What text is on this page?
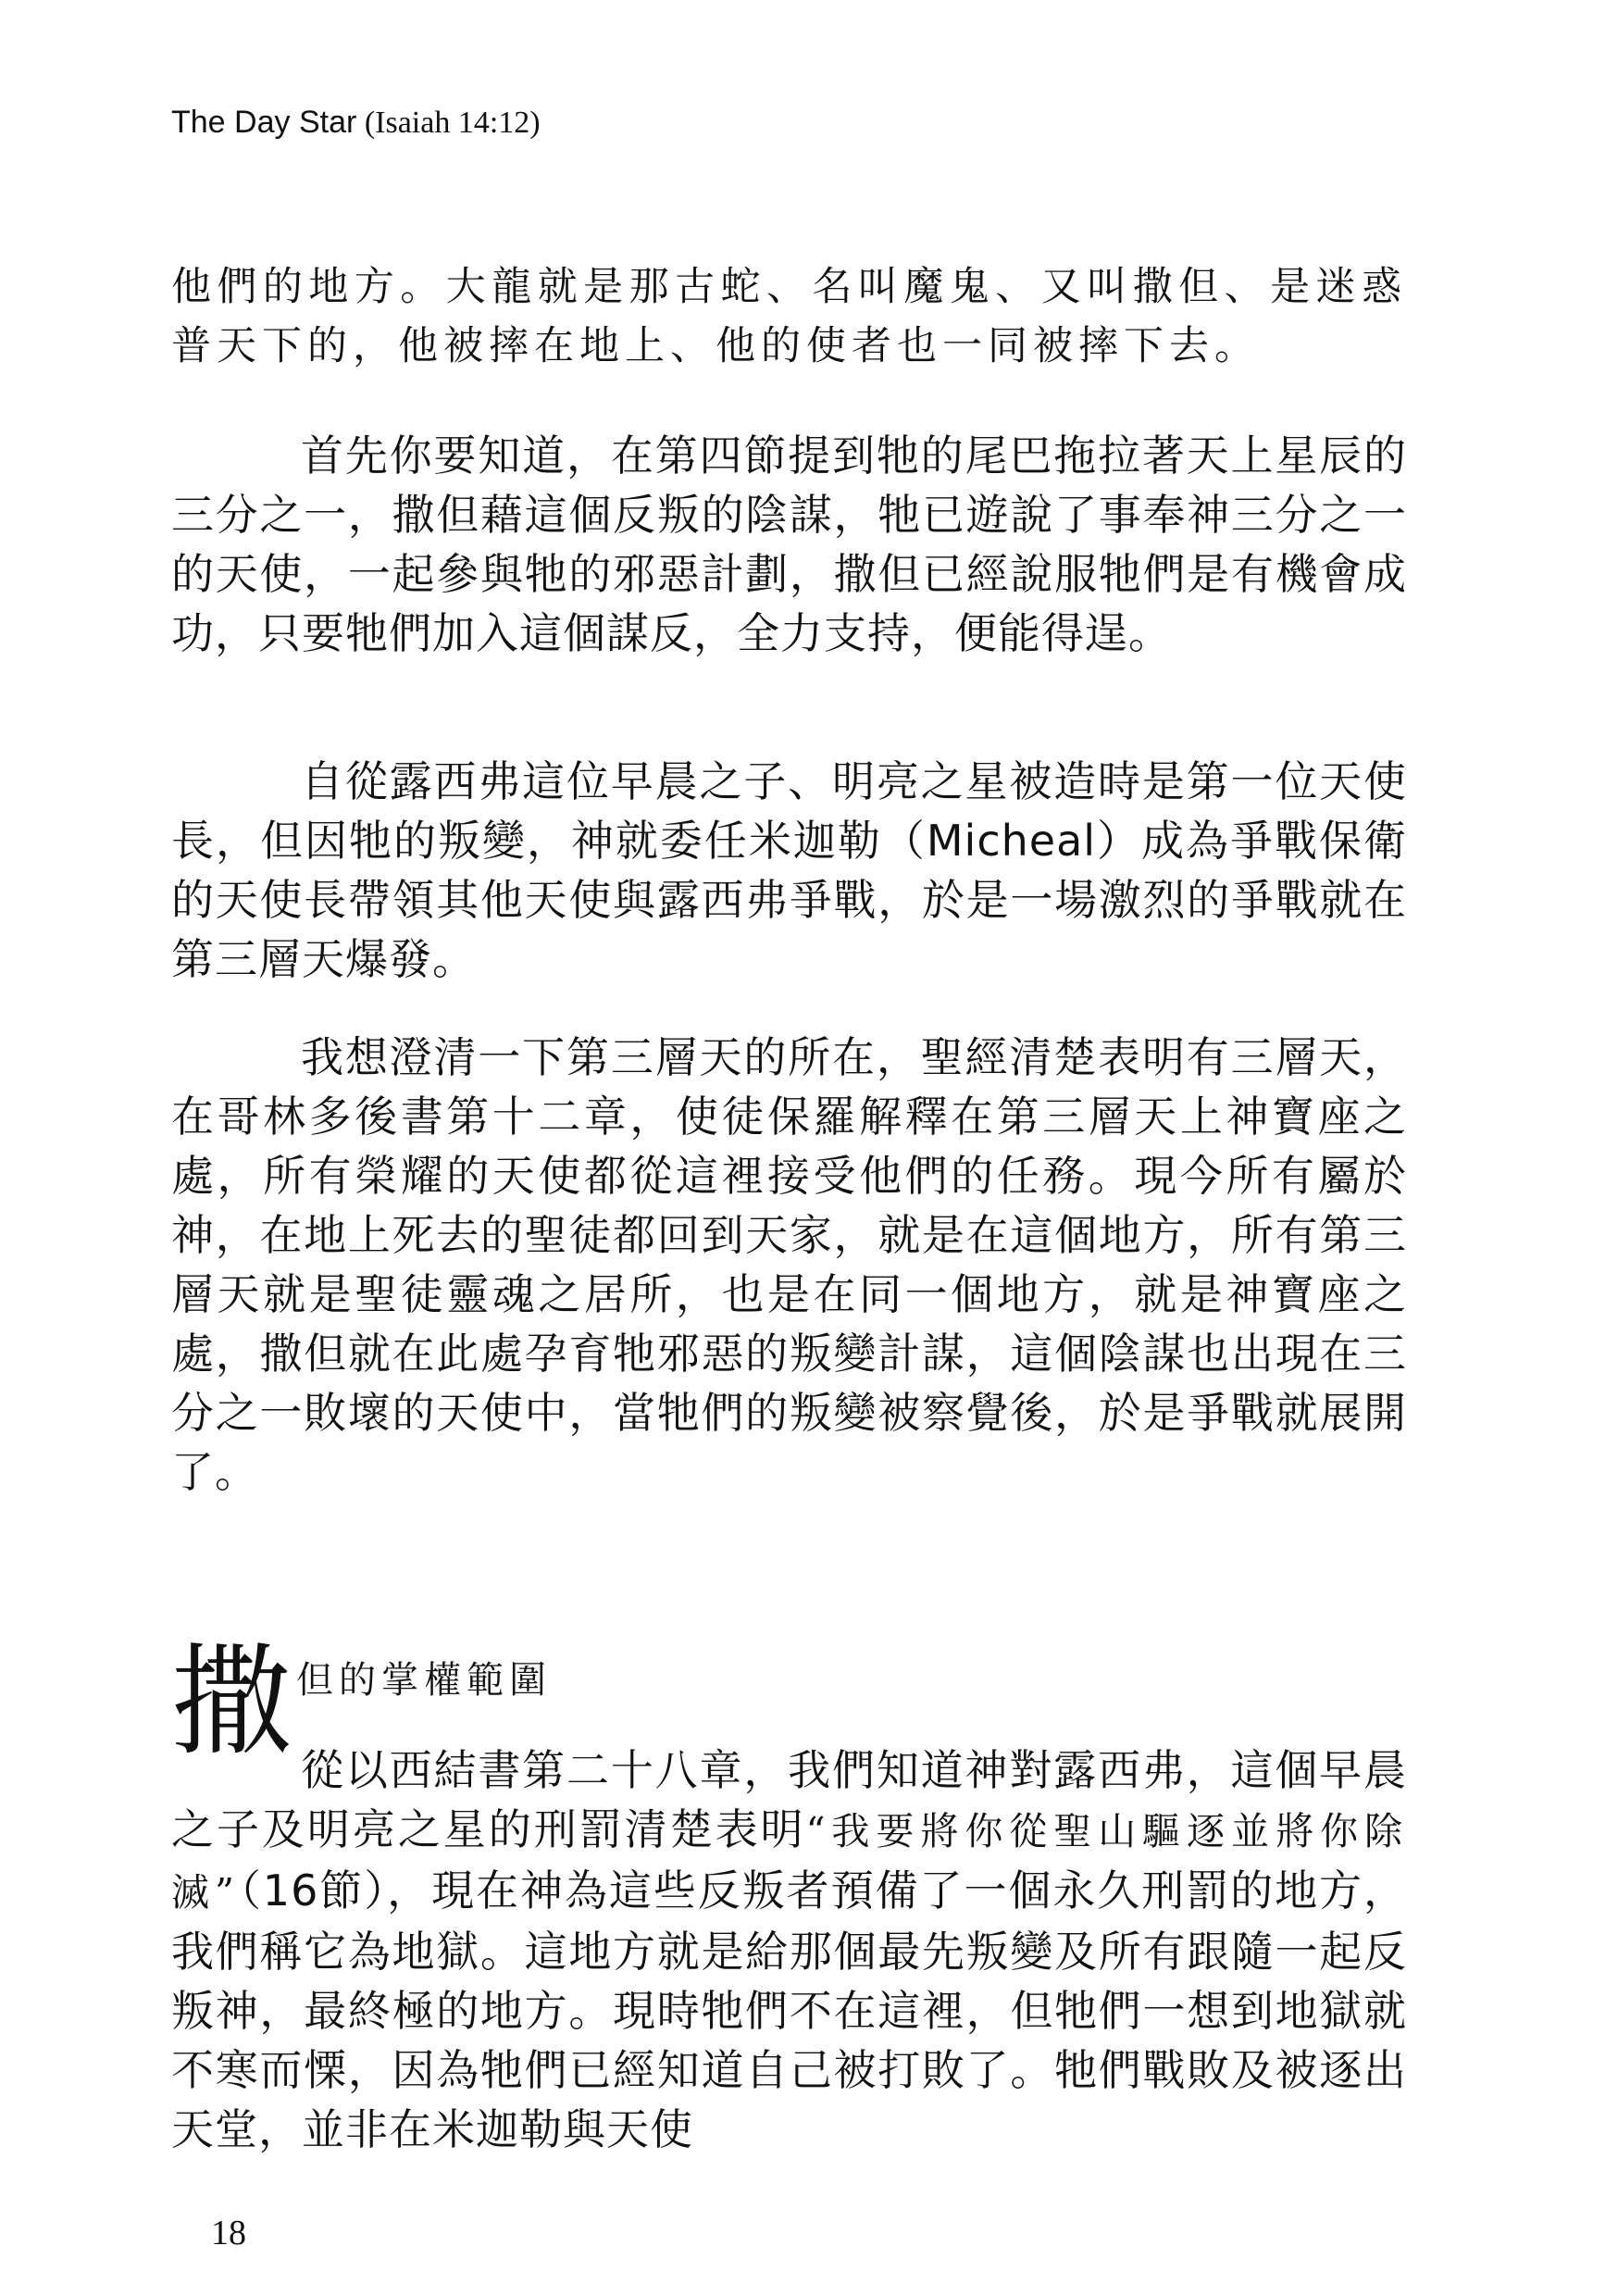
The Day Star (Isaiah 14:12)

他們的地方。大龍就是那古蛇、名叫魔鬼、又叫撒但、是迷惑普天下的，他被摔在地上、他的使者也一同被摔下去。

首先你要知道，在第四節提到牠的尾巴拖拉著天上星辰的三分之一，撒但藉這個反叛的陰謀，牠已遊說了事奉神三分之一的天使，一起參與牠的邪惡計劃，撒但已經說服牠們是有機會成功，只要牠們加入這個謀反，全力支持，便能得逞。

自從露西弗這位早晨之子、明亮之星被造時是第一位天使長，但因牠的叛變，神就委任米迦勒（Micheal）成為爭戰保衛的天使長帶領其他天使與露西弗爭戰，於是一場激烈的爭戰就在第三層天爆發。

我想澄清一下第三層天的所在，聖經清楚表明有三層天，在哥林多後書第十二章，使徒保羅解釋在第三層天上神寶座之處，所有榮耀的天使都從這裡接受他們的任務。現今所有屬於神，在地上死去的聖徒都回到天家，就是在這個地方，所有第三層天就是聖徒靈魂之居所，也是在同一個地方，就是神寶座之處，撒但就在此處孕育牠邪惡的叛變計謀，這個陰謀也出現在三分之一敗壞的天使中，當牠們的叛變被察覺後，於是爭戰就展開了。

撒 但的掌權範圍

從以西結書第二十八章，我們知道神對露西弗，這個早晨之子及明亮之星的刑罰清楚表明“我要將你從聖山驅逐並將你除滅”（16節），現在神為這些反叛者預備了一個永久刑罰的地方，我們稱它為地獄。這地方就是給那個最先叛變及所有跟隨一起反叛神，最終極的地方。現時牠們不在這裡，但牠們一想到地獄就不寒而慄，因為牠們已經知道自己被打敗了。牠們戰敗及被逐出天堂，並非在米迦勒與天使

18
